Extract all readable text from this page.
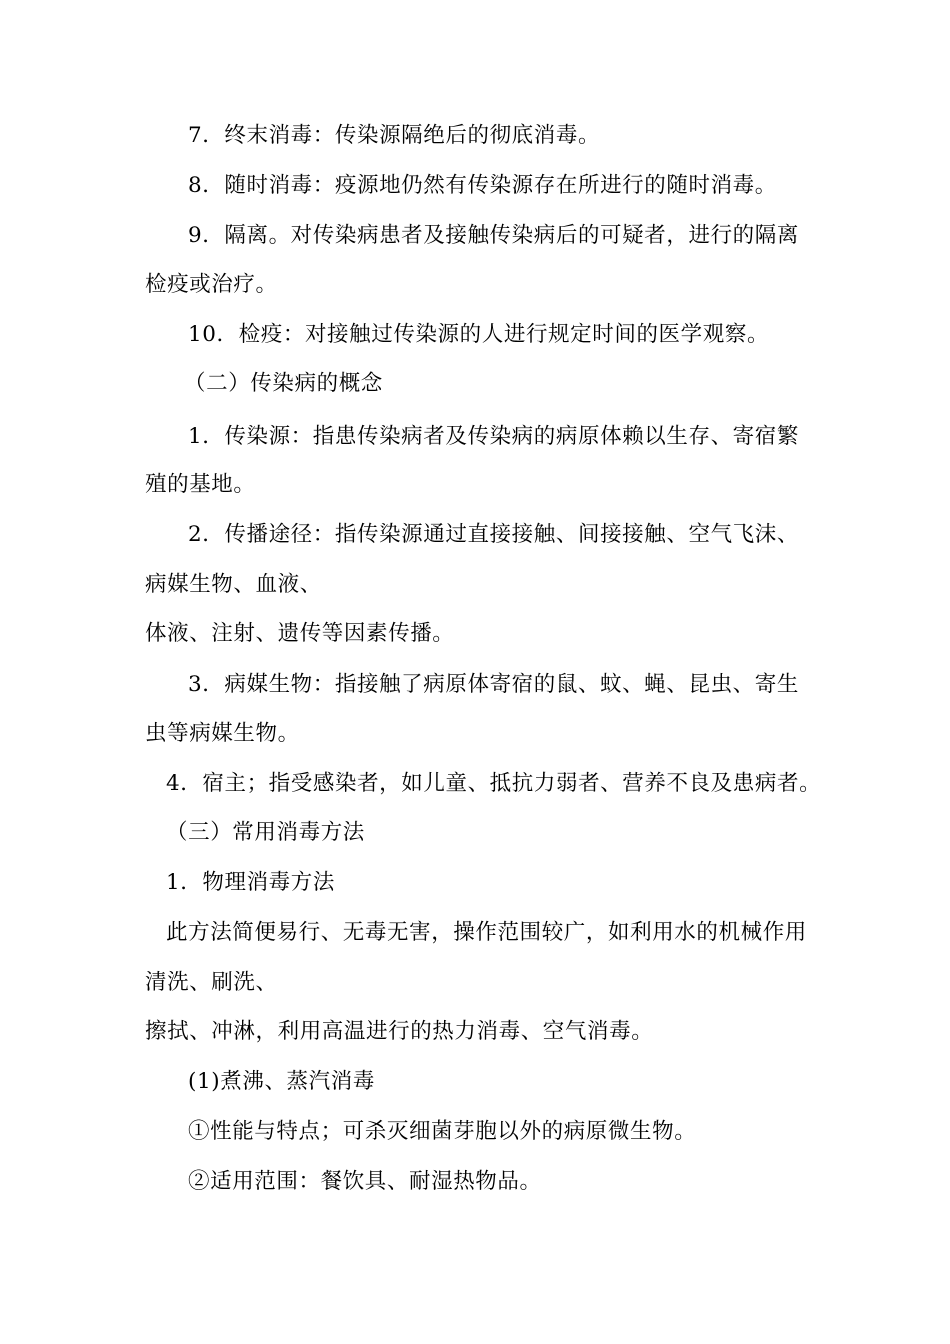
7．终末消毒：传染源隔绝后的彻底消毒。
8．随时消毒：疫源地仍然有传染源存在所进行的随时消毒。
9．隔离。对传染病患者及接触传染病后的可疑者，进行的隔离
检疫或治疗。
10．检疫：对接触过传染源的人进行规定时间的医学观察。
（二）传染病的概念
1．传染源：指患传染病者及传染病的病原体赖以生存、寄宿繁
殖的基地。
2．传播途径：指传染源通过直接接触、间接接触、空气飞沫、
病媒生物、血液、
体液、注射、遗传等因素传播。
3．病媒生物：指接触了病原体寄宿的鼠、蚊、蝇、昆虫、寄生
虫等病媒生物。
4．宿主；指受感染者，如儿童、抵抗力弱者、营养不良及患病者。
（三）常用消毒方法
1．物理消毒方法
此方法简便易行、无毒无害，操作范围较广，如利用水的机械作用
清洗、刷洗、
擦拭、冲淋，利用高温进行的热力消毒、空气消毒。
(1)煮沸、蒸汽消毒
①性能与特点；可杀灭细菌芽胞以外的病原微生物。
②适用范围：餐饮具、耐湿热物品。
